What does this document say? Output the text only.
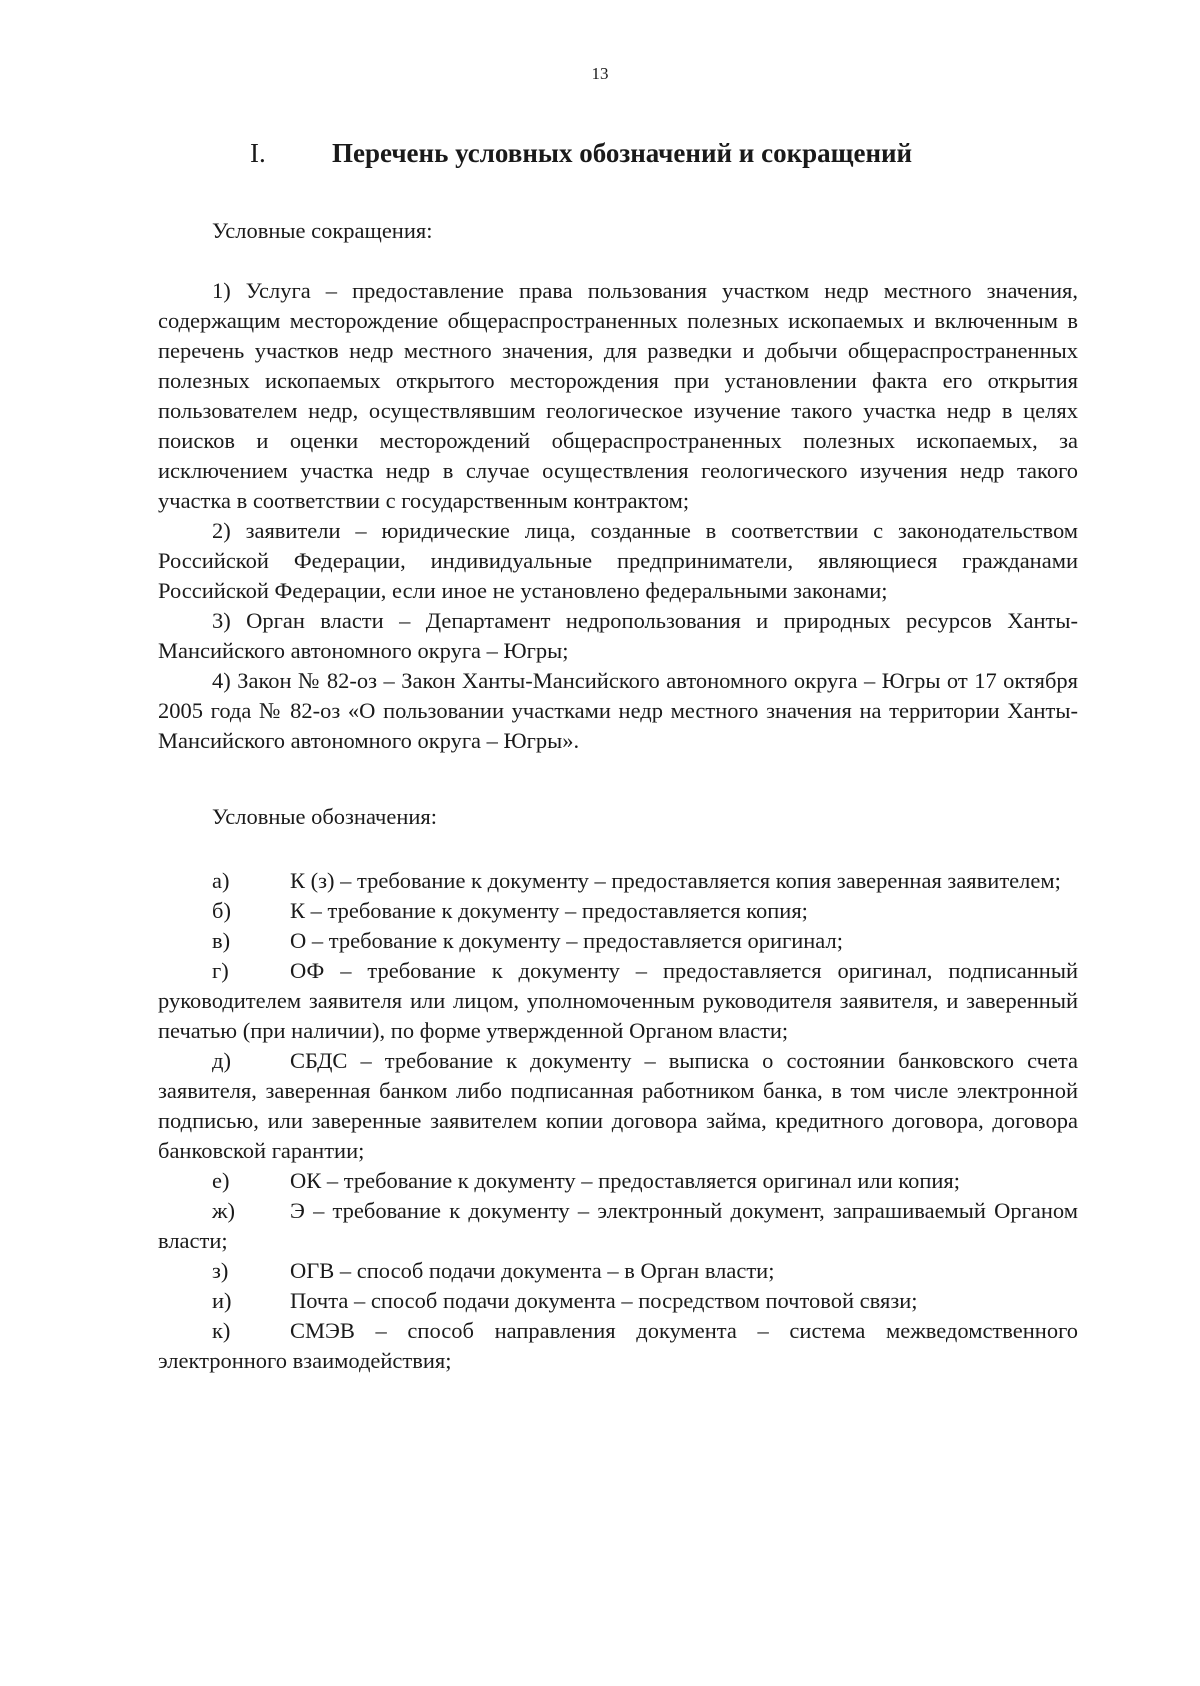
13
I. Перечень условных обозначений и сокращений

Условные сокращения:

1) Услуга – предоставление права пользования участком недр местного значения, содержащим месторождение общераспространенных полезных ископаемых и включенным в перечень участков недр местного значения, для разведки и добычи общераспространенных полезных ископаемых открытого месторождения при установлении факта его открытия пользователем недр, осуществлявшим геологическое изучение такого участка недр в целях поисков и оценки месторождений общераспространенных полезных ископаемых, за исключением участка недр в случае осуществления геологического изучения недр такого участка в соответствии с государственным контрактом;

2) заявители – юридические лица, созданные в соответствии с законодательством Российской Федерации, индивидуальные предприниматели, являющиеся гражданами Российской Федерации, если иное не установлено федеральными законами;

3) Орган власти – Департамент недропользования и природных ресурсов Ханты-Мансийского автономного округа – Югры;

4) Закон № 82-оз – Закон Ханты-Мансийского автономного округа – Югры от 17 октября 2005 года № 82-оз «О пользовании участками недр местного значения на территории Ханты-Мансийского автономного округа – Югры».

Условные обозначения:

а)	К (з) – требование к документу – предоставляется копия заверенная заявителем;

б)	К – требование к документу – предоставляется копия;

в)	О – требование к документу – предоставляется оригинал;

г)	ОФ – требование к документу – предоставляется оригинал, подписанный руководителем заявителя или лицом, уполномоченным руководителя заявителя, и заверенный печатью (при наличии), по форме утвержденной Органом власти;

д)	СБДС – требование к документу – выписка о состоянии банковского счета заявителя, заверенная банком либо подписанная работником банка, в том числе электронной подписью, или заверенные заявителем копии договора займа, кредитного договора, договора банковской гарантии;

е)	ОК – требование к документу – предоставляется оригинал или копия;

ж) Э – требование к документу – электронный документ, запрашиваемый Органом власти;

з)	ОГВ – способ подачи документа – в Орган власти;

и)	Почта – способ подачи документа – посредством почтовой связи;

к)	СМЭВ – способ направления документа – система межведомственного электронного взаимодействия;
